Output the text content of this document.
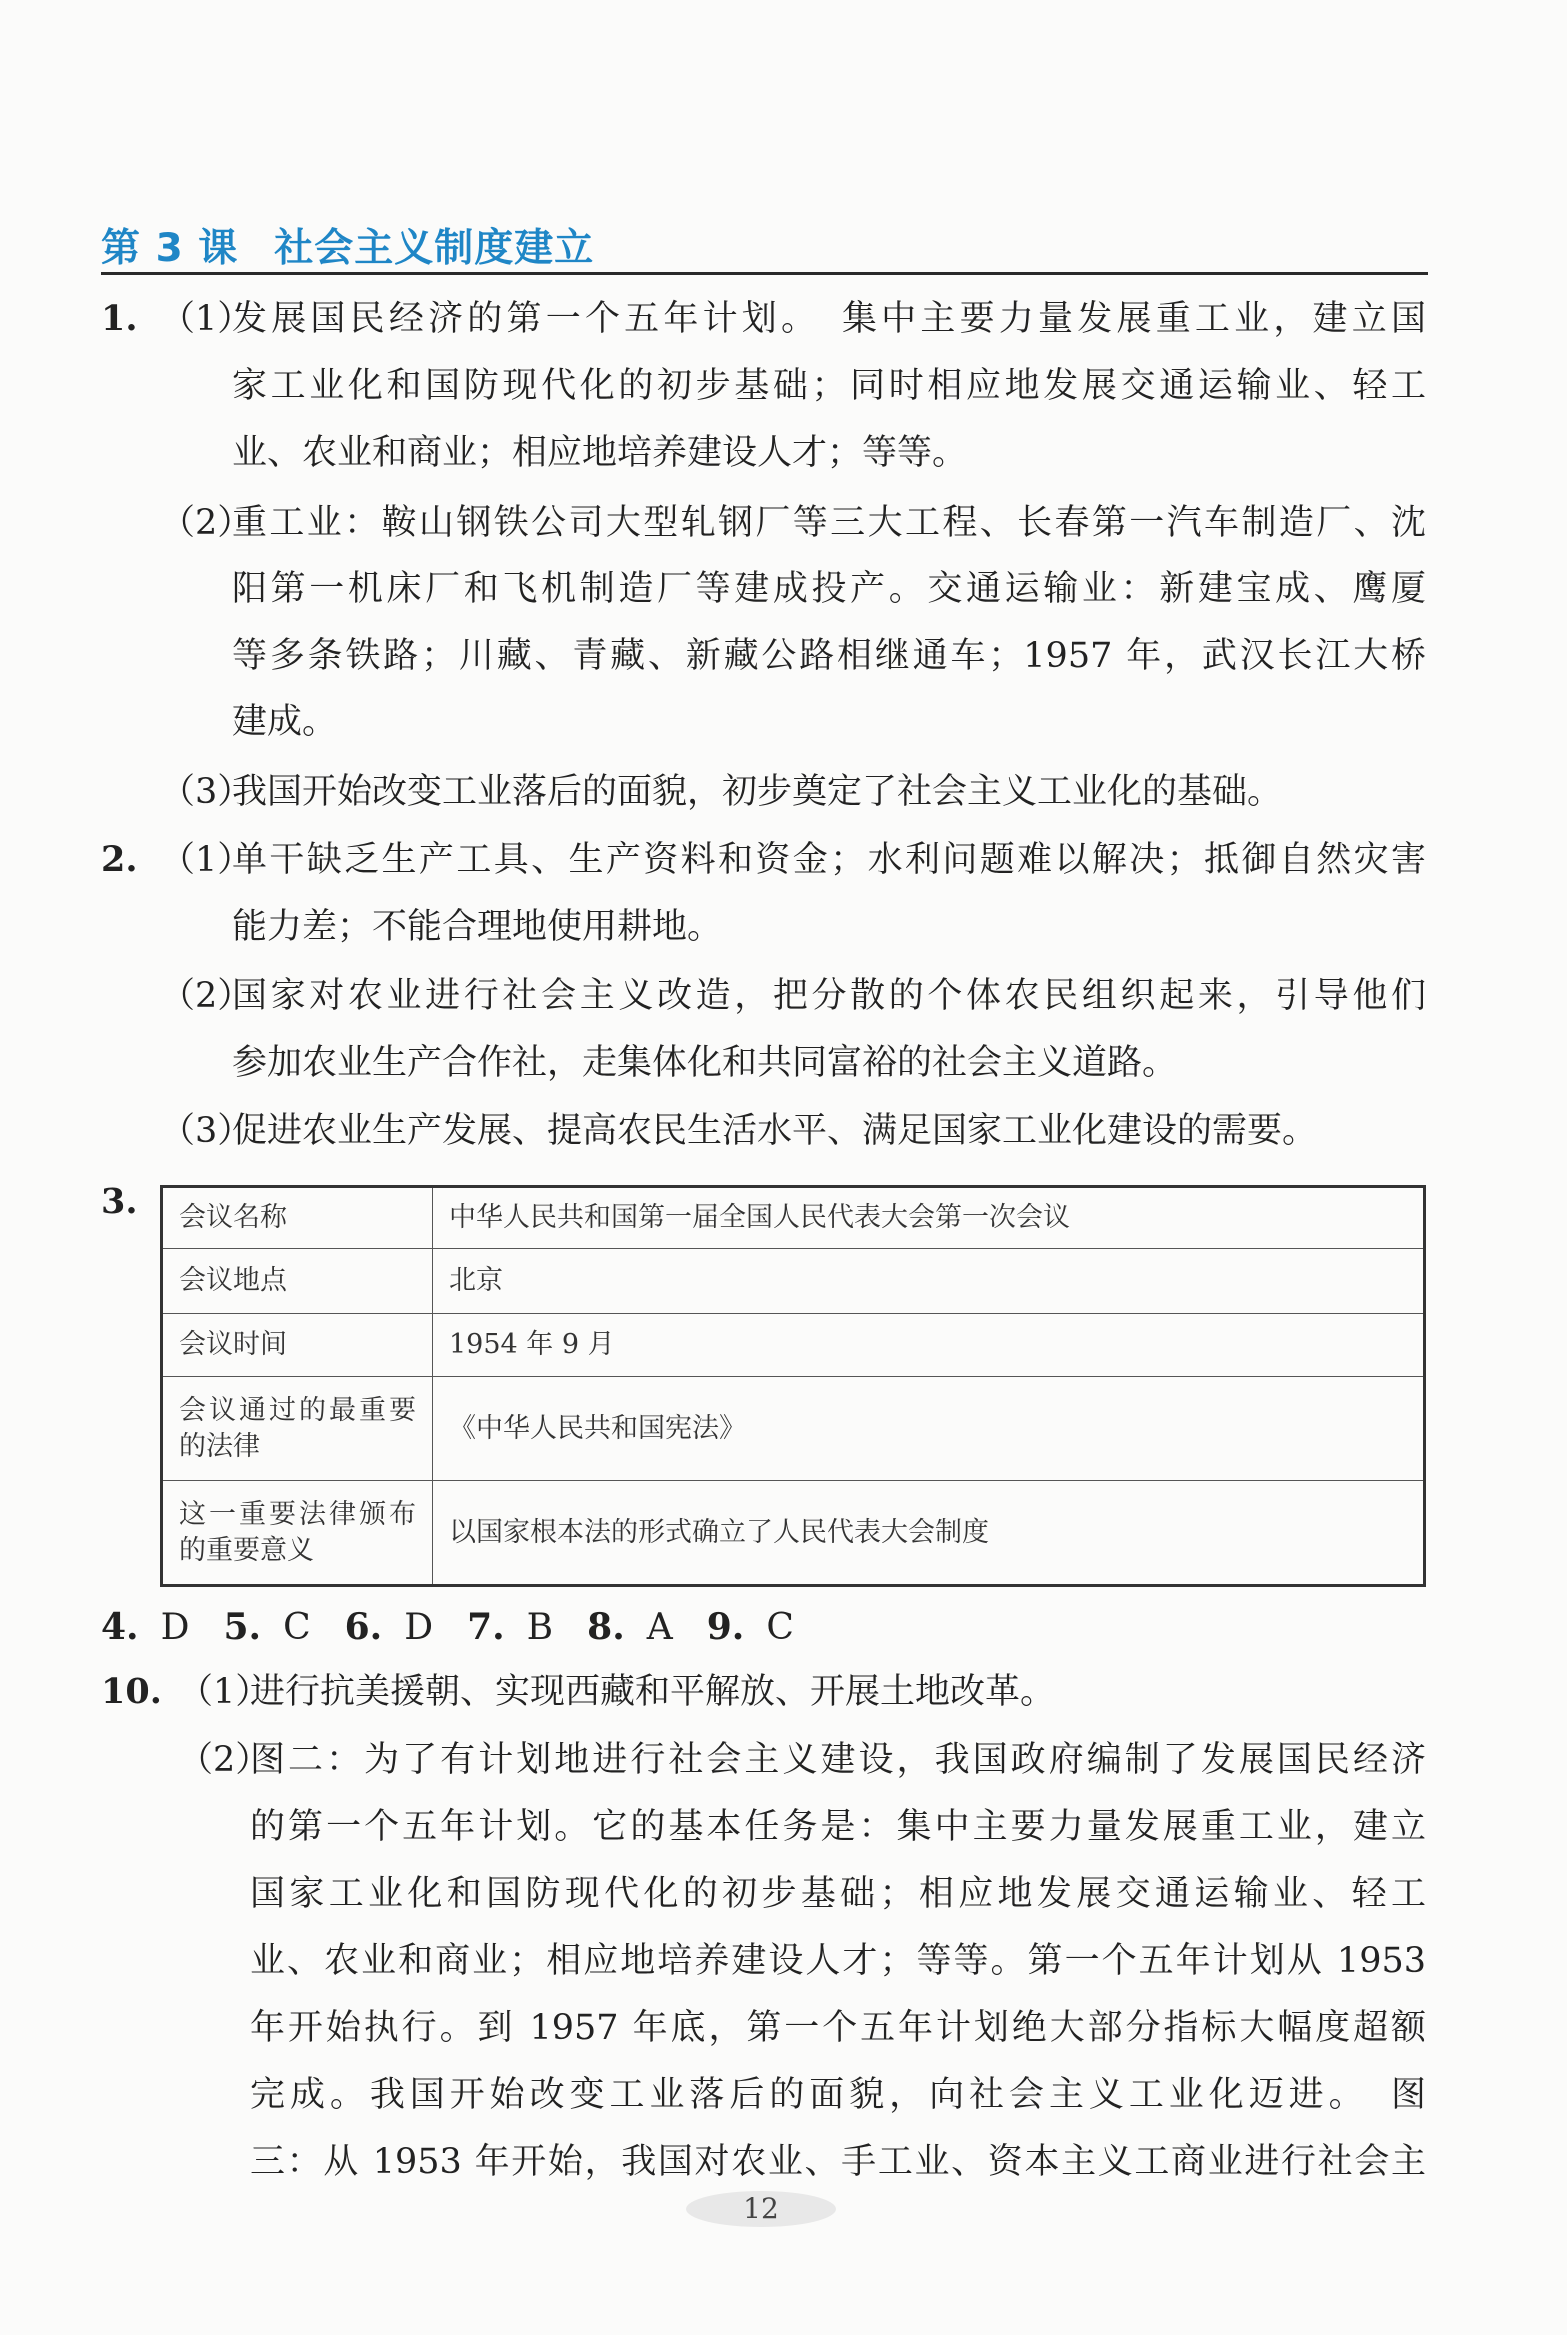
第 3 课 社会主义制度建立
1. （1）
发展国民经济的第一个五年计划。　集中主要力量发展重工业，建立国
家工业化和国防现代化的初步基础；同时相应地发展交通运输业、轻工
业、农业和商业；相应地培养建设人才；等等。
（2）
重工业：鞍山钢铁公司大型轧钢厂等三大工程、长春第一汽车制造厂、沈
阳第一机床厂和飞机制造厂等建成投产。交通运输业：新建宝成、鹰厦
等多条铁路；川藏、青藏、新藏公路相继通车；1957 年，武汉长江大桥
建成。
（3）
我国开始改变工业落后的面貌，初步奠定了社会主义工业化的基础。
2. （1）
单干缺乏生产工具、生产资料和资金；水利问题难以解决；抵御自然灾害
能力差；不能合理地使用耕地。
（2）
国家对农业进行社会主义改造，把分散的个体农民组织起来，引导他们
参加农业生产合作社，走集体化和共同富裕的社会主义道路。
（3）
促进农业生产发展、提高农民生活水平、满足国家工业化建设的需要。
3. 会议名称	中华人民共和国第一届全国人民代表大会第一次会议
会议地点	北京
会议时间	1954 年 9 月

会议通过的最重要
的法律	《中华人民共和国宪法》

这一重要法律颁布
的重要意义	以国家根本法的形式确立了人民代表大会制度
4. D 5. C 6. D 7. B 8. A 9. C
10. （1）
进行抗美援朝、实现西藏和平解放、开展土地改革。
（2）
图二：为了有计划地进行社会主义建设，我国政府编制了发展国民经济
的第一个五年计划。它的基本任务是：集中主要力量发展重工业，建立
国家工业化和国防现代化的初步基础；相应地发展交通运输业、轻工
业、农业和商业；相应地培养建设人才；等等。第一个五年计划从 1953
年开始执行。到 1957 年底，第一个五年计划绝大部分指标大幅度超额
完成。我国开始改变工业落后的面貌，向社会主义工业化迈进。　图
三：从 1953 年开始，我国对农业、手工业、资本主义工商业进行社会主
12
